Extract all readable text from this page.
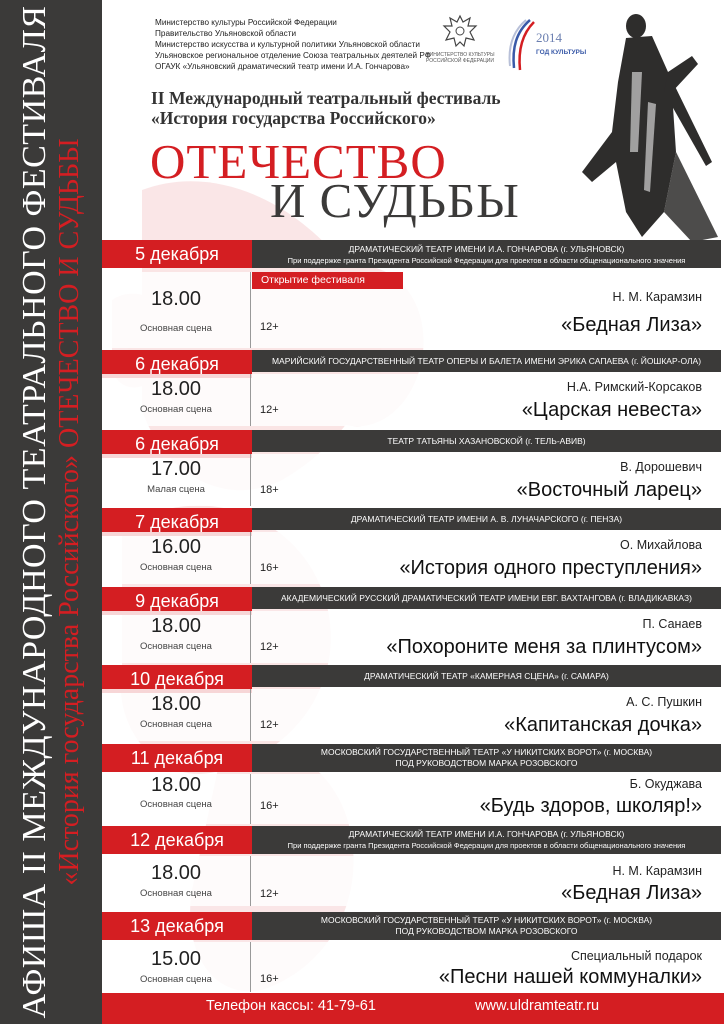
АФИША II МЕЖДУНАРОДНОГО ТЕАТРАЛЬНОГО ФЕСТИВАЛЯ «История государства Российского» ОТЕЧЕСТВО И СУДЬБЫ
Министерство культуры Российской Федерации
Правительство Ульяновской области
Министерство искусства и культурной политики Ульяновской области
Ульяновское региональное отделение Союза театральных деятелей РФ
ОГАУК «Ульяновский драматический театр имени И.А. Гончарова»
МИНИСТЕРСТВО КУЛЬТУРЫ РОССИЙСКОЙ ФЕДЕРАЦИИ
2014
ГОД КУЛЬТУРЫ
II Международный театральный фестиваль
«История государства Российского»
ОТЕЧЕСТВО
И СУДЬБЫ
5 декабря	ДРАМАТИЧЕСКИЙ ТЕАТР ИМЕНИ И.А. ГОНЧАРОВА (г. УЛЬЯНОВСК)
При поддержке гранта Президента Российской Федерации для проектов в области общенационального значения
Открытие фестиваля
18.00
Основная сцена	12+
Н. М. Карамзин
«Бедная Лиза»
6 декабря	МАРИЙСКИЙ ГОСУДАРСТВЕННЫЙ ТЕАТР ОПЕРЫ И БАЛЕТА ИМЕНИ ЭРИКА САПАЕВА (г. ЙОШКАР-ОЛА)
18.00
Основная сцена	12+
Н.А. Римский-Корсаков
«Царская невеста»
6 декабря	ТЕАТР ТАТЬЯНЫ ХАЗАНОВСКОЙ (г. ТЕЛЬ-АВИВ)
17.00
Малая сцена	18+
В. Дорошевич
«Восточный ларец»
7 декабря	ДРАМАТИЧЕСКИЙ ТЕАТР ИМЕНИ А. В. ЛУНАЧАРСКОГО (г. ПЕНЗА)
16.00
Основная сцена	16+
О. Михайлова
«История одного преступления»
9 декабря	АКАДЕМИЧЕСКИЙ РУССКИЙ ДРАМАТИЧЕСКИЙ ТЕАТР ИМЕНИ ЕВГ. ВАХТАНГОВА (г. ВЛАДИКАВКАЗ)
18.00
Основная сцена	12+
П. Санаев
«Похороните меня за плинтусом»
10 декабря	ДРАМАТИЧЕСКИЙ ТЕАТР «КАМЕРНАЯ СЦЕНА» (г. САМАРА)
18.00
Основная сцена	12+
А. С. Пушкин
«Капитанская дочка»
11 декабря	МОСКОВСКИЙ ГОСУДАРСТВЕННЫЙ ТЕАТР «У НИКИТСКИХ ВОРОТ» (г. МОСКВА)
ПОД РУКОВОДСТВОМ МАРКА РОЗОВСКОГО
18.00
Основная сцена	16+
Б. Окуджава
«Будь здоров, школяр!»
12 декабря	ДРАМАТИЧЕСКИЙ ТЕАТР ИМЕНИ И.А. ГОНЧАРОВА (г. УЛЬЯНОВСК)
При поддержке гранта Президента Российской Федерации для проектов в области общенационального значения
18.00
Основная сцена	12+
Н. М. Карамзин
«Бедная Лиза»
13 декабря	МОСКОВСКИЙ ГОСУДАРСТВЕННЫЙ ТЕАТР «У НИКИТСКИХ ВОРОТ» (г. МОСКВА)
ПОД РУКОВОДСТВОМ МАРКА РОЗОВСКОГО
15.00
Основная сцена	16+
Специальный подарок
«Песни нашей коммуналки»
Телефон кассы: 41-79-61	www.uldramteatr.ru
